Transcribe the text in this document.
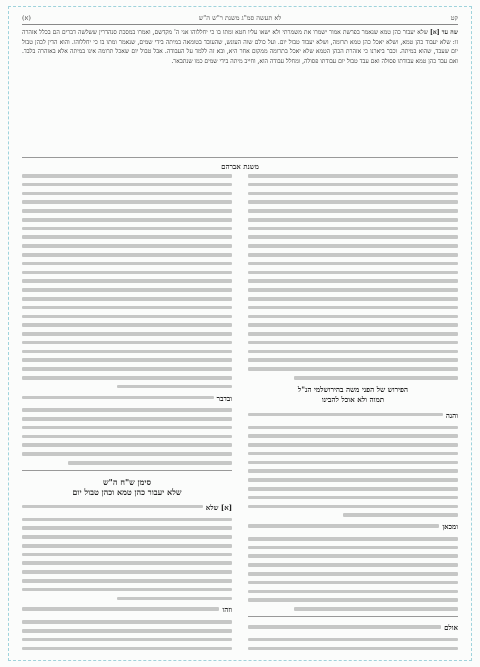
קט
לא תעשה סמ"ג משנת ר"ש ה"ש
(א)
שה עד [א] שלא יעבור כהן טמא שנאמר בפרשת אמור ישמרו את משמרתי ולא ישאו עליו חטא ומתו בו כי יחללוהו אני ה' מקדשם, ואמרו במסכת סנהדרין ששלשה דברים הם בכלל אזהרה זו: שלא יעבוד כהן טמא, ושלא יאכל כהן טמא תרומה, ושלא יעבוד טבול יום. ועל כולם שוה העונש, שהעובד בטומאה במיתה בידי שמים, שנאמר ומתו בו כי יחללוהו. והוא הדין לכהן טבול יום שעבד, שהוא במיתה. וכבר ביארנו כי אזהרת הכהן הטמא שלא יאכל בתרומה ממקום אחר היא, ובא זה ללמד על העבודה. אבל טבול יום שאכל תרומה אינו במיתה אלא באזהרה בלבד. ואם עבד כהן טמא עבודתו פסולה ואם עבד טבול יום עבודתו פסולה, ומחלל עבודה הוא, וחייב מיתה בידי שמים כמו שנתבאר.
משנת אברהם
הפירוש של הפני משה בהירושלמי הנ"ל
תמוה ולא אוכל להבינו
והנה
ומכאן
אולם
ובדבר
סימן ש"ח ה"ש
שלא יעבור כהן טמא וכהן טבול יום
[א] שלא
וזהו
